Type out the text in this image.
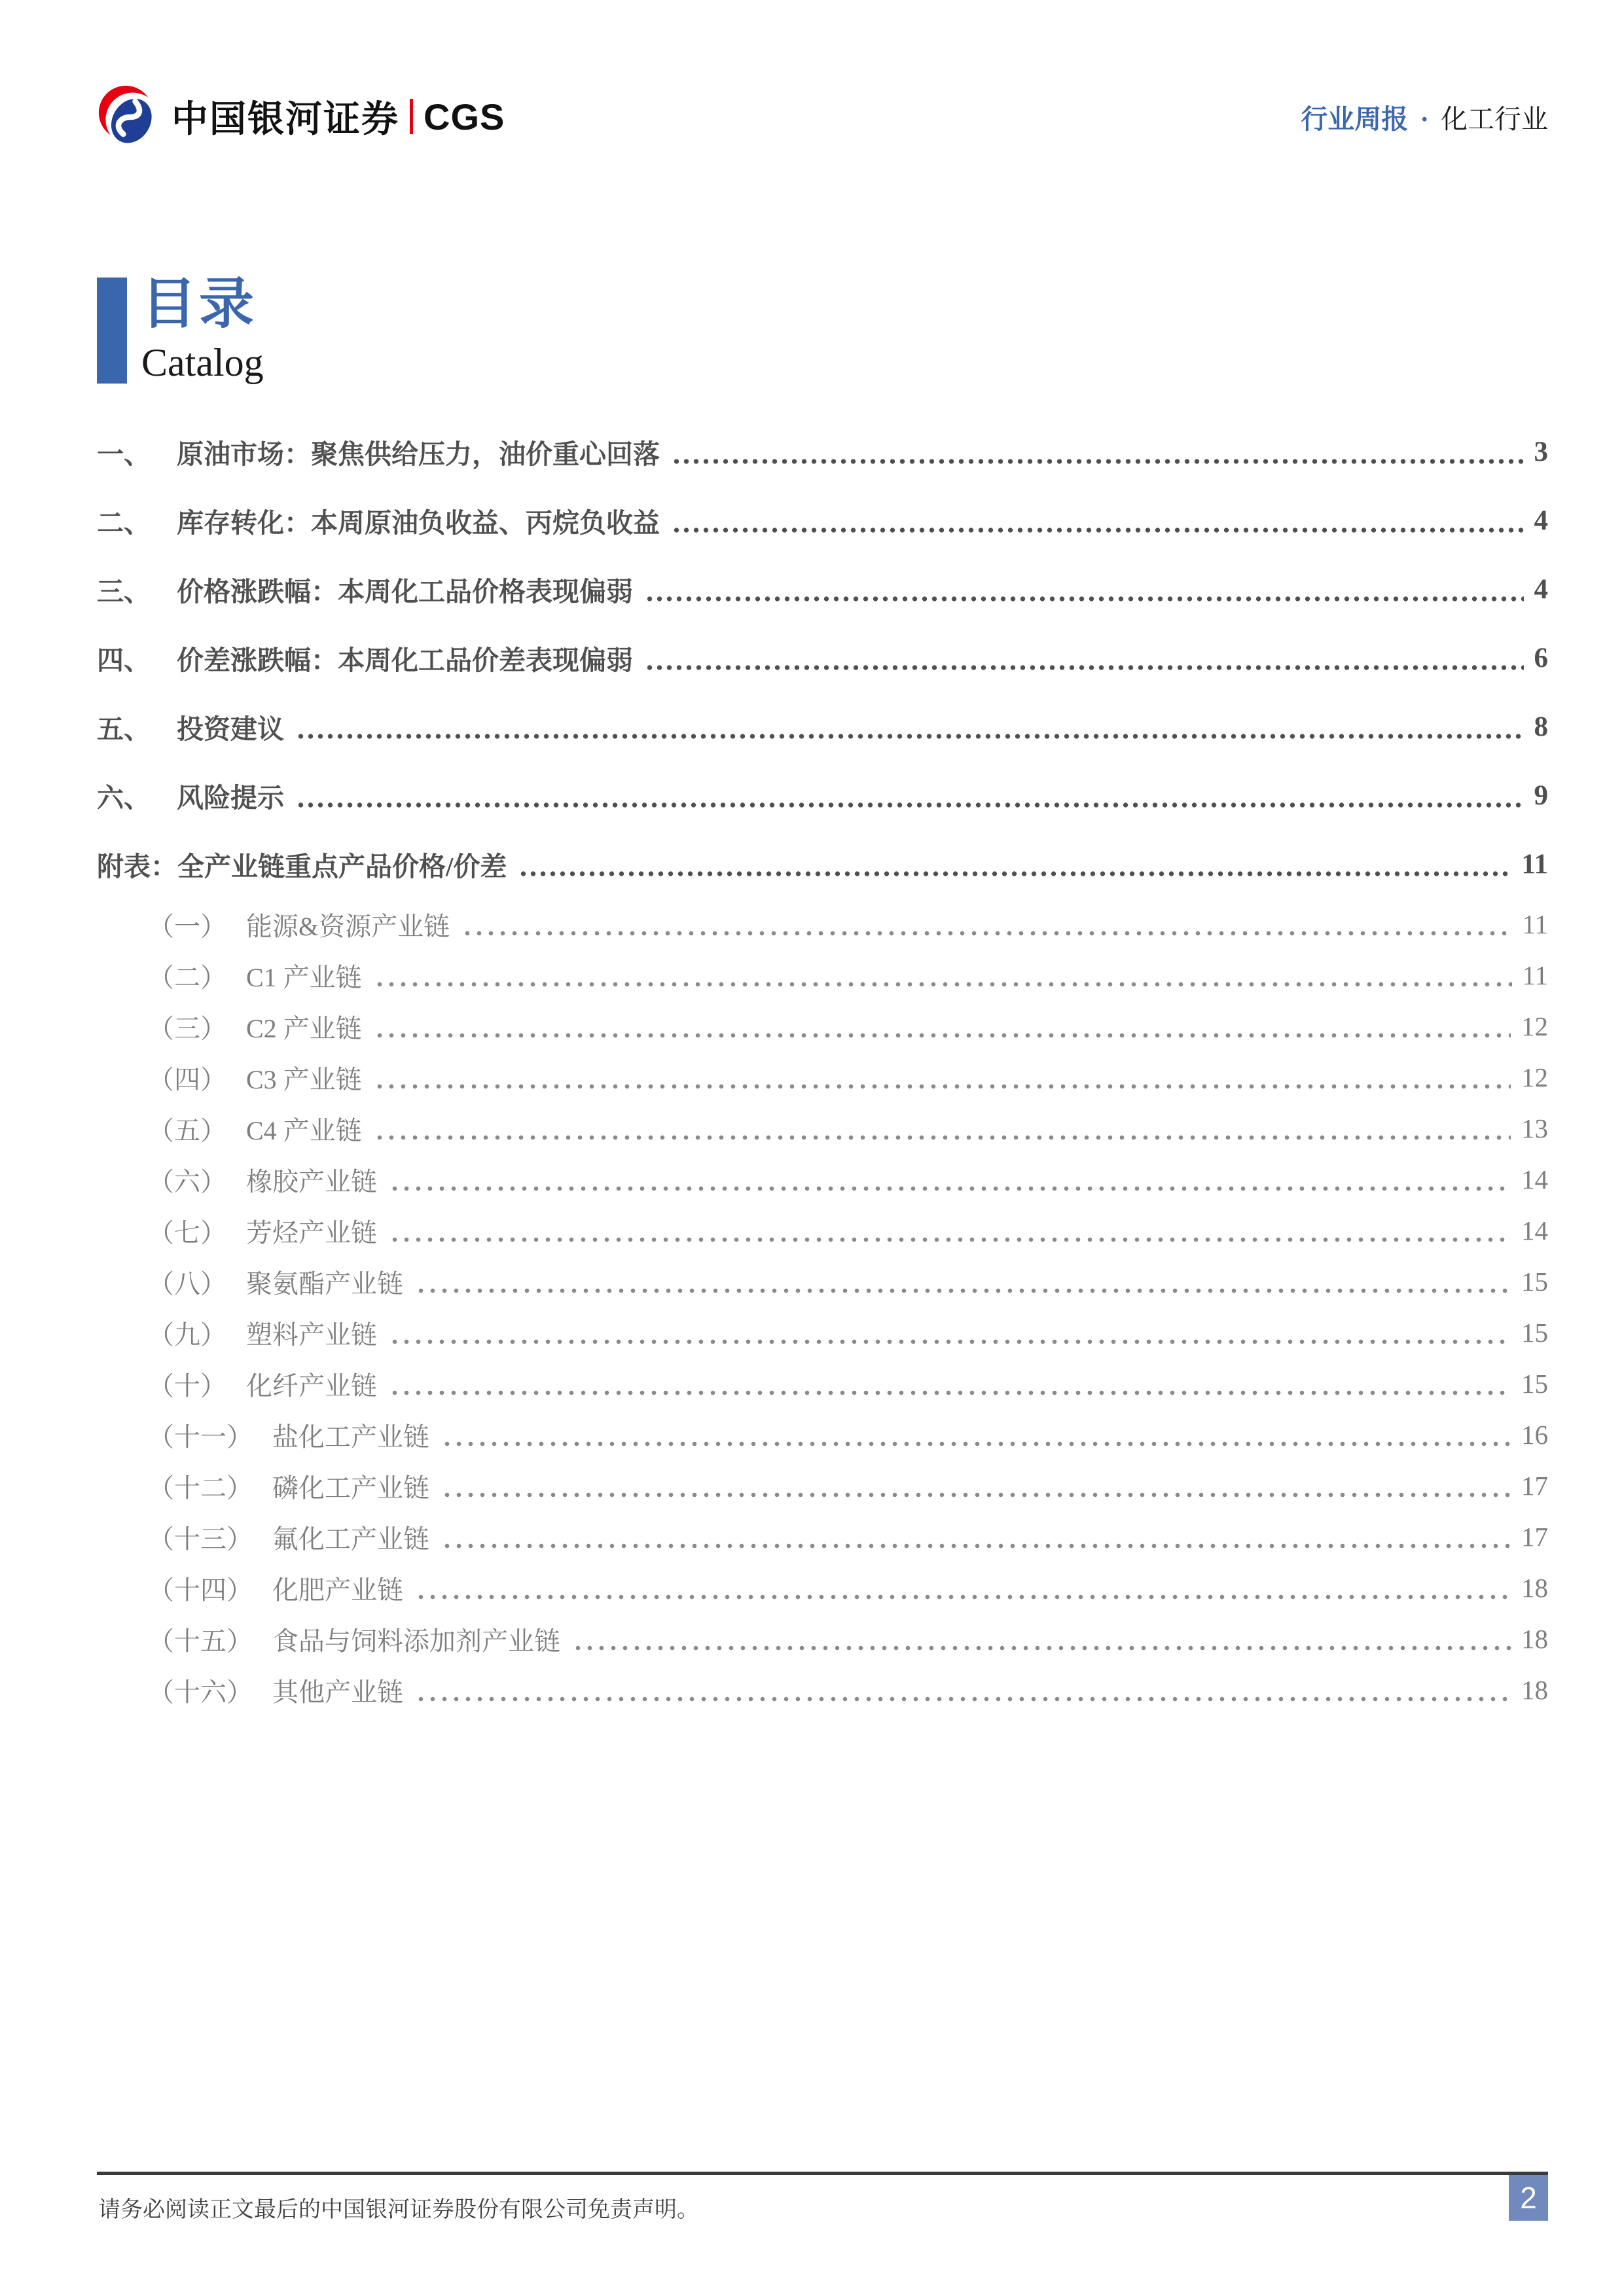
中国银河证券 CGS	行业周报 · 化工行业
目录
Catalog
一、 原油市场：聚焦供给压力，油价重心回落	3
二、 库存转化：本周原油负收益、丙烷负收益	4
三、 价格涨跌幅：本周化工品价格表现偏弱	4
四、 价差涨跌幅：本周化工品价差表现偏弱	6
五、 投资建议	8
六、 风险提示	9
附表：全产业链重点产品价格/价差	11
（一） 能源&资源产业链	11
（二） C1 产业链	11
（三） C2 产业链	12
（四） C3 产业链	12
（五） C4 产业链	13
（六） 橡胶产业链	14
（七） 芳烃产业链	14
（八） 聚氨酯产业链	15
（九） 塑料产业链	15
（十） 化纤产业链	15
（十一） 盐化工产业链	16
（十二） 磷化工产业链	17
（十三） 氟化工产业链	17
（十四） 化肥产业链	18
（十五） 食品与饲料添加剂产业链	18
（十六） 其他产业链	18
请务必阅读正文最后的中国银河证券股份有限公司免责声明。	2
